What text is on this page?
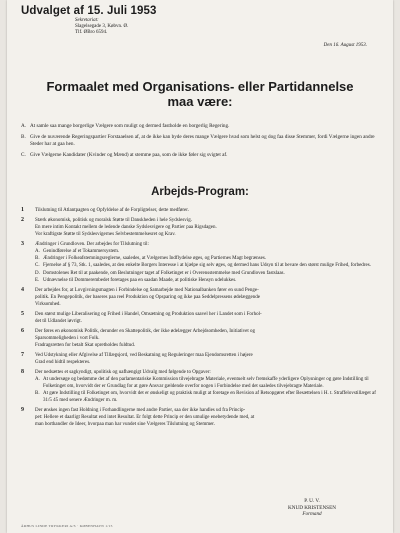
Udvalget af 15. Juli 1953
Sekretariat:
Slagelsegade 3, Købvn. Ø.
Tlf. ØBro 6594.
Den 16. August 1953.
Formaalet med Organisations- eller Partidannelse
maa være:
A. At samle saa mange borgerlige Vælgere som muligt og dermed fastholde en borgerlig Regering.
B. Give de nuværende Regeringspartier Forstaaelsen af, at de ikke kan byde deres mange Vælgere hvad som helst og dog faa disse Stemmer, fordi Vælgerne ingen andre Steder har at gaa hen.
C. Give Vælgerne Kandidater (Kvinder og Mænd) at stemme paa, som de ikke føler sig svigtet af.
Arbejds-Program:
1	Tilslutning til Atlantpagten og Opfyldelse af de Forpligtelser, dette medfører.
2	Stærk økonomisk, politisk og moralsk Støtte til Danskheden i hele Sydslesvig.
En mere intim Kontakt mellem de ledende danske Sydslesvigere og Partier paa Rigsdagen.
Vor kraftigste Støtte til Sydslesvigernes Selvbestemmelsesret og Krav.
3	Ændringer i Grundloven. Der arbejdes for Tilslutning til:
A. Genindførelse af et Tokammersystem.
B. Ændringer i Folkeafstemningsreglerne, saaledes, at Vælgernes Indflydelse øges, og Partiernes Magt begrænses.
C. Fjernelse af § 73, Stk. 1, saaledes, at den enkelte Borgers Interesse i at hjælpe sig selv øges, og dermed hans Udsyn til at bevare den størst mulige Frihed, forbedres.
D. Domstolenes Ret til at paakende, om Beslutninger taget af Folketinget er i Overensstemmelse med Grundloven fastslaas.
E. Udnævnelse til Dommerembedet foretages paa en saadan Maade, at politiske Hensyn udelukkes.
4	Der arbejdes for, at Lovgivningsmagten i Forbindelse og Samarbejde med Nationalbanken fører en sund Penge-
politik. En Pengepolitik, der baseres paa reel Produktion og Opsparing og ikke paa Seddelpressens ødelæggende
Virksomhed.
5	Den størst mulige Liberalisering og Frihed i Handel, Omsætning og Produktion saavel her i Landet som i Forhol-
det til Udlandet iøvrigt.
6	Der føres en økonomisk Politik, derunder en Skattepolitik, der ikke ødelægger Arbejdsomheden, Initiativet og
Sparsommeligheden i vort Folk.
Fradragsretten for betalt Skat opretholdes fuldtud.
7	Ved Udstykning eller Afgivelse af Tillægsjord, ved Beskatning og Reguleringer maa Ejendomsretten i højere
Grad end hidtil respekteres.
8	Der nedsættes et sagkyndigt, upolitisk og uafhængigt Udvalg med følgende to Opgaver:
A. At undersøge og bedømme det af den parlamentariske Kommission tilvejebragte Materiale, eventuelt selv fremskaffe yderligere Oplysninger og gøre Indstilling til Folketinget om, hvorvidt der er Grundlag for at gøre Ansvar gældende overfor nogen i Forbindelse med det saaledes tilvejebragte Materiale.
B. At gøre Indstilling til Folketinget om, hvorvidt det er ønskeligt og praktisk muligt at foretage en Revision af Retsopgøret efter Besættelsen i H. t. Straffelovstillæget af 31/5 45 med senere Ændringer m. m.
9	Der ønskes ingen fast Holdning i Forhandlingerne med andre Partier, saa der ikke handles ud fra Princip-
pet: Hellere et daarligt Resultat end intet Resultat. Er folgt dette Princip er den umulige enebetydende med, at
man borthandler de Ideer, hvorpaa man har vundet sine Vælgeres Tilslutning og Stemmer.
P. U. V.
KNUD KRISTENSEN
Formand
ÅRHUS LINDE TRYKKERI A/S · KØBENHAVN 1/15
